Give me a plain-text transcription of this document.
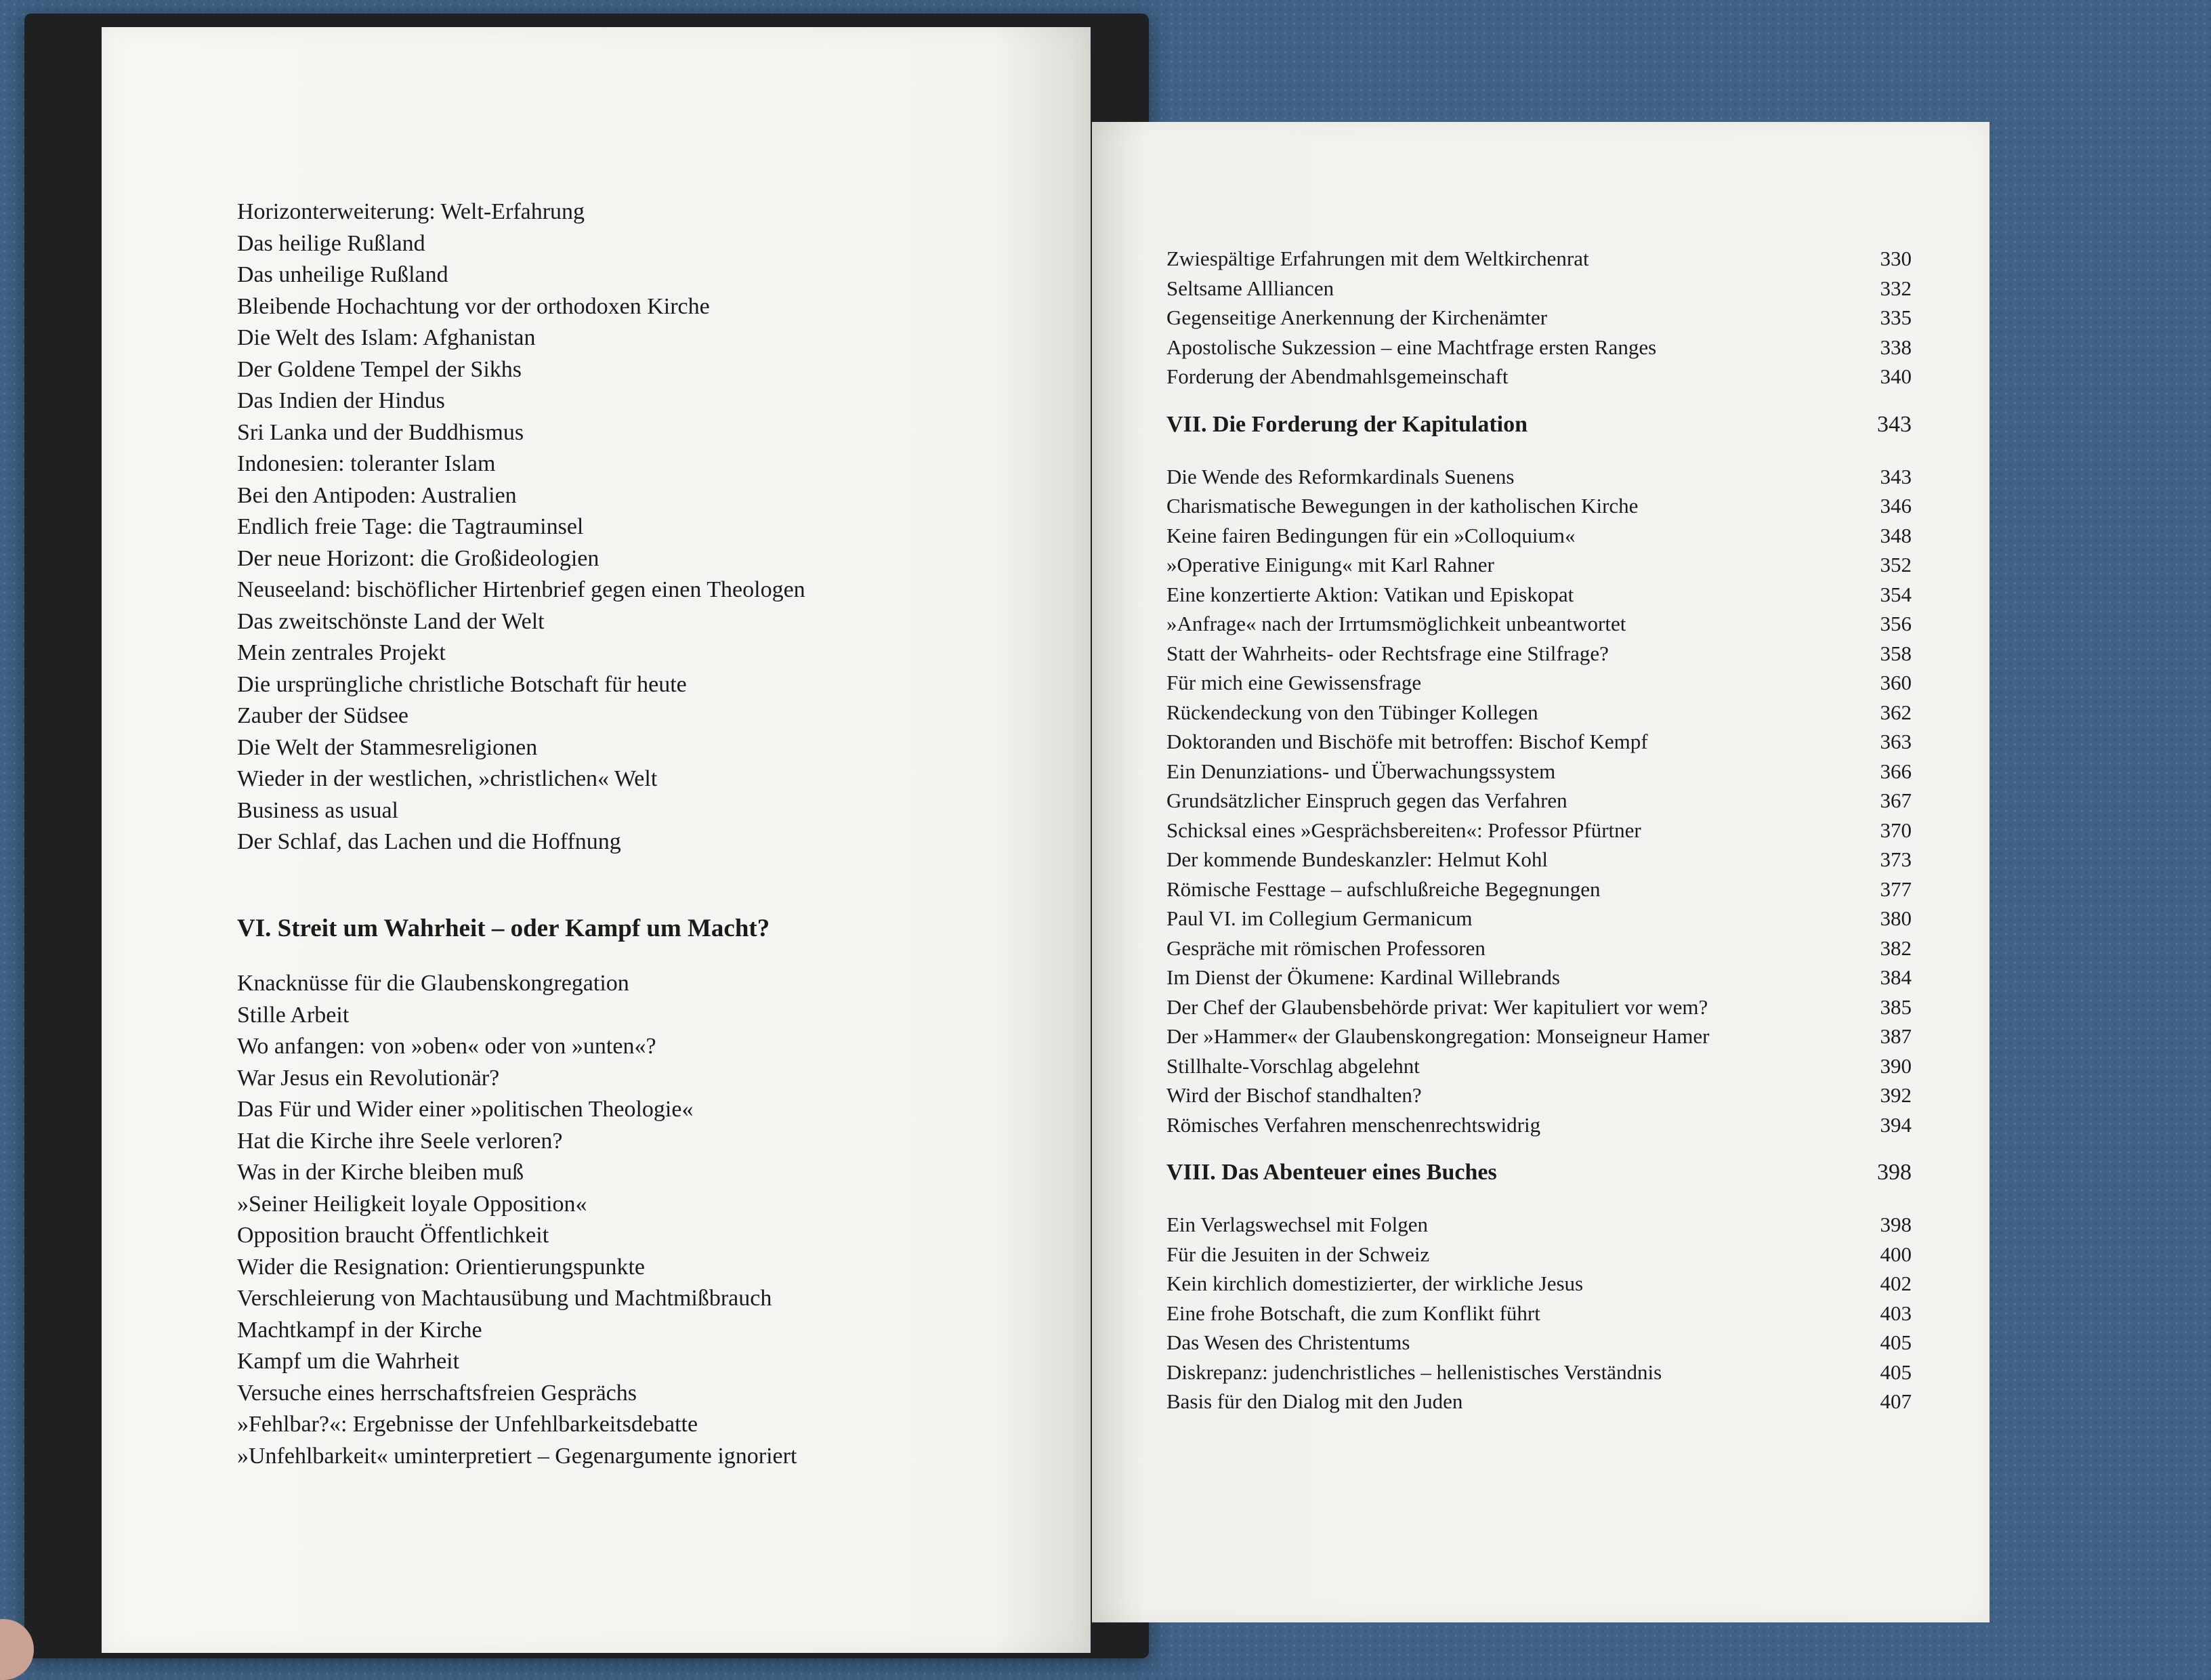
Horizonterweiterung: Welt-Erfahrung
Das heilige Rußland
Das unheilige Rußland
Bleibende Hochachtung vor der orthodoxen Kirche
Die Welt des Islam: Afghanistan
Der Goldene Tempel der Sikhs
Das Indien der Hindus
Sri Lanka und der Buddhismus
Indonesien: toleranter Islam
Bei den Antipoden: Australien
Endlich freie Tage: die Tagtrauminsel
Der neue Horizont: die Großideologien
Neuseeland: bischöflicher Hirtenbrief gegen einen Theologen
Das zweitschönste Land der Welt
Mein zentrales Projekt
Die ursprüngliche christliche Botschaft für heute
Zauber der Südsee
Die Welt der Stammesreligionen
Wieder in der westlichen, »christlichen« Welt
Business as usual
Der Schlaf, das Lachen und die Hoffnung
VI. Streit um Wahrheit – oder Kampf um Macht?
Knacknüsse für die Glaubenskongregation
Stille Arbeit
Wo anfangen: von »oben« oder von »unten«?
War Jesus ein Revolutionär?
Das Für und Wider einer »politischen Theologie«
Hat die Kirche ihre Seele verloren?
Was in der Kirche bleiben muß
»Seiner Heiligkeit loyale Opposition«
Opposition braucht Öffentlichkeit
Wider die Resignation: Orientierungspunkte
Verschleierung von Machtausübung und Machtmißbrauch
Machtkampf in der Kirche
Kampf um die Wahrheit
Versuche eines herrschaftsfreien Gesprächs
»Fehlbar?«: Ergebnisse der Unfehlbarkeitsdebatte
»Unfehlbarkeit« uminterpretiert – Gegenargumente ignoriert
Zwiespältige Erfahrungen mit dem Weltkirchenrat	330
Seltsame Allliancen	332
Gegenseitige Anerkennung der Kirchenämter	335
Apostolische Sukzession – eine Machtfrage ersten Ranges	338
Forderung der Abendmahlsgemeinschaft	340
VII. Die Forderung der Kapitulation	343
Die Wende des Reformkardinals Suenens	343
Charismatische Bewegungen in der katholischen Kirche	346
Keine fairen Bedingungen für ein »Colloquium«	348
»Operative Einigung« mit Karl Rahner	352
Eine konzertierte Aktion: Vatikan und Episkopat	354
»Anfrage« nach der Irrtumsmöglichkeit unbeantwortet	356
Statt der Wahrheits- oder Rechtsfrage eine Stilfrage?	358
Für mich eine Gewissensfrage	360
Rückendeckung von den Tübinger Kollegen	362
Doktoranden und Bischöfe mit betroffen: Bischof Kempf	363
Ein Denunziations- und Überwachungssystem	366
Grundsätzlicher Einspruch gegen das Verfahren	367
Schicksal eines »Gesprächsbereiten«: Professor Pfürtner	370
Der kommende Bundeskanzler: Helmut Kohl	373
Römische Festtage – aufschlußreiche Begegnungen	377
Paul VI. im Collegium Germanicum	380
Gespräche mit römischen Professoren	382
Im Dienst der Ökumene: Kardinal Willebrands	384
Der Chef der Glaubensbehörde privat: Wer kapituliert vor wem?	385
Der »Hammer« der Glaubenskongregation: Monseigneur Hamer	387
Stillhalte-Vorschlag abgelehnt	390
Wird der Bischof standhalten?	392
Römisches Verfahren menschenrechtswidrig	394
VIII. Das Abenteuer eines Buches	398
Ein Verlagswechsel mit Folgen	398
Für die Jesuiten in der Schweiz	400
Kein kirchlich domestizierter, der wirkliche Jesus	402
Eine frohe Botschaft, die zum Konflikt führt	403
Das Wesen des Christentums	405
Diskrepanz: judenchristliches – hellenistisches Verständnis	405
Basis für den Dialog mit den Juden	407
